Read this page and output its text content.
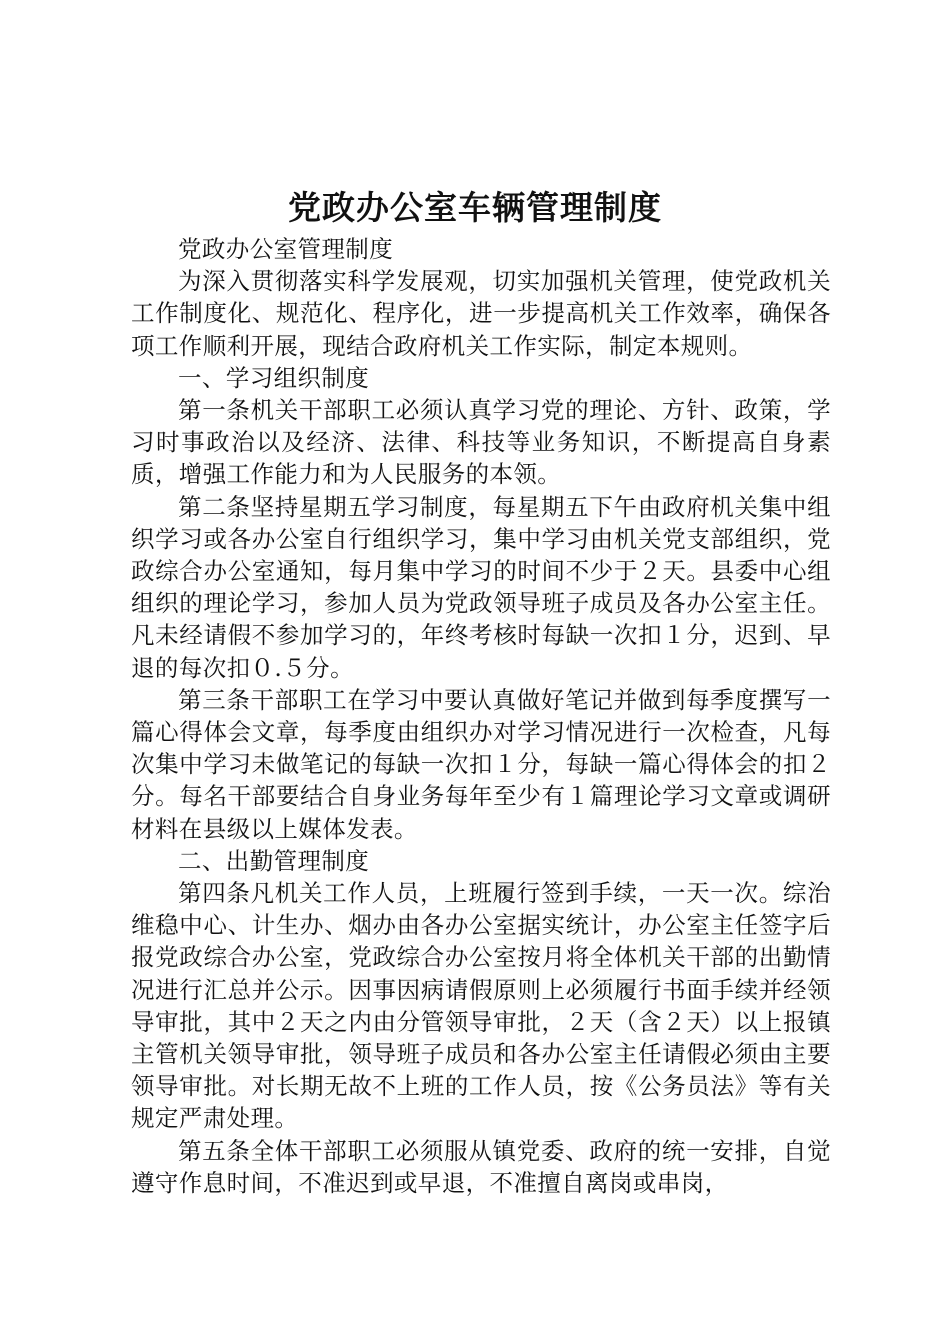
党政办公室车辆管理制度

党政办公室管理制度

为深入贯彻落实科学发展观，切实加强机关管理，使党政机关工作制度化、规范化、程序化，进一步提高机关工作效率，确保各项工作顺利开展，现结合政府机关工作实际，制定本规则。

一、学习组织制度

第一条机关干部职工必须认真学习党的理论、方针、政策，学习时事政治以及经济、法律、科技等业务知识，不断提高自身素质，增强工作能力和为人民服务的本领。

第二条坚持星期五学习制度，每星期五下午由政府机关集中组织学习或各办公室自行组织学习，集中学习由机关党支部组织，党政综合办公室通知，每月集中学习的时间不少于２天。县委中心组组织的理论学习，参加人员为党政领导班子成员及各办公室主任。凡未经请假不参加学习的，年终考核时每缺一次扣１分，迟到、早退的每次扣０.５分。

第三条干部职工在学习中要认真做好笔记并做到每季度撰写一篇心得体会文章，每季度由组织办对学习情况进行一次检查，凡每次集中学习未做笔记的每缺一次扣１分，每缺一篇心得体会的扣２分。每名干部要结合自身业务每年至少有１篇理论学习文章或调研材料在县级以上媒体发表。

二、出勤管理制度

第四条凡机关工作人员，上班履行签到手续，一天一次。综治维稳中心、计生办、烟办由各办公室据实统计，办公室主任签字后报党政综合办公室，党政综合办公室按月将全体机关干部的出勤情况进行汇总并公示。因事因病请假原则上必须履行书面手续并经领导审批，其中２天之内由分管领导审批，２天（含２天）以上报镇主管机关领导审批，领导班子成员和各办公室主任请假必须由主要领导审批。对长期无故不上班的工作人员，按《公务员法》等有关规定严肃处理。

第五条全体干部职工必须服从镇党委、政府的统一安排，自觉遵守作息时间，不准迟到或早退，不准擅自离岗或串岗，
